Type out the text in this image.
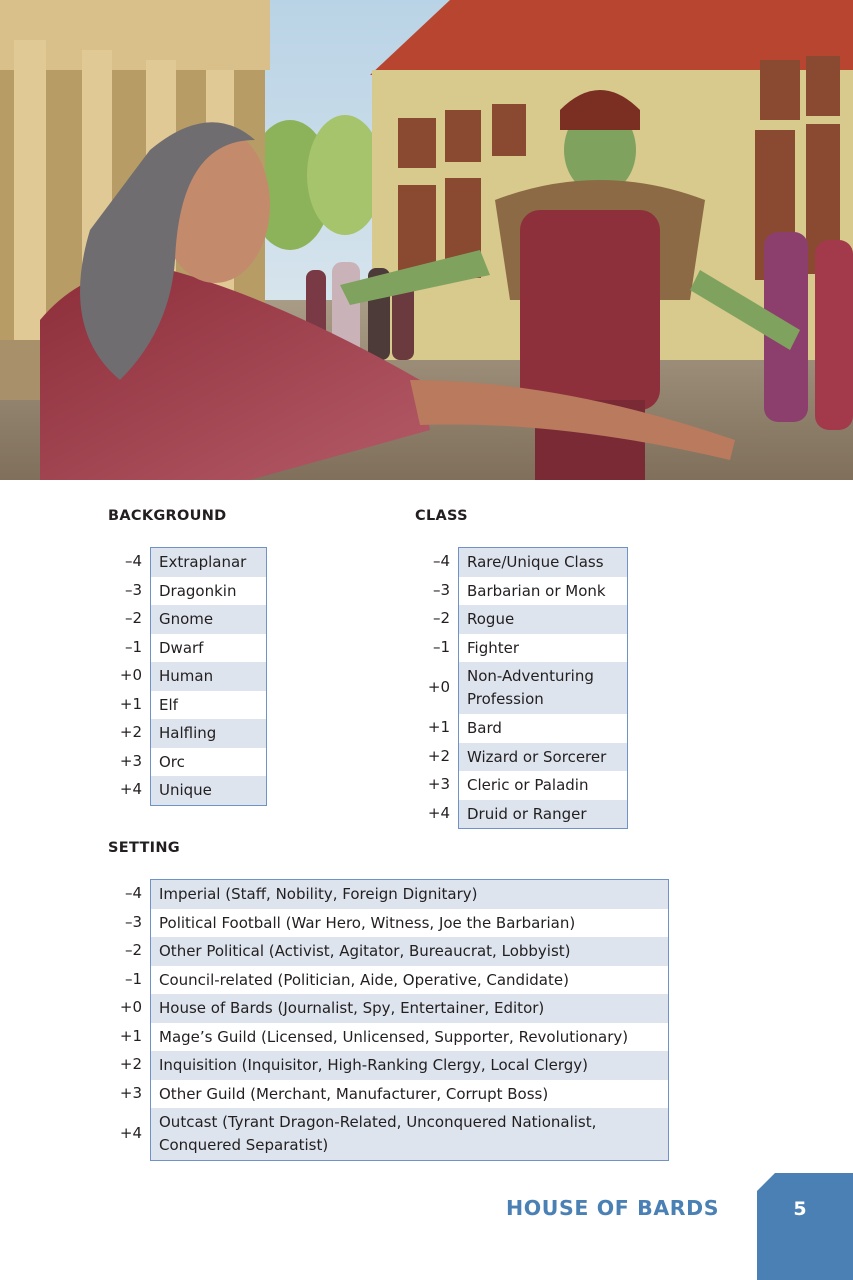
BACKGROUND
–4
–3
–2
–1
+0
+1
+2
+3
+4
Extraplanar
Dragonkin
Gnome
Dwarf
Human
Elf
Halfling
Orc
Unique
CLASS
–4
–3
–2
–1
+0
+1
+2
+3
+4
Rare/Unique Class
Barbarian or Monk
Rogue
Fighter
Non-Adventuring Profession
Bard
Wizard or Sorcerer
Cleric or Paladin
Druid or Ranger
SETTING
–4
–3
–2
–1
+0
+1
+2
+3
+4
Imperial (Staff, Nobility, Foreign Dignitary)
Political Football (War Hero, Witness, Joe the Barbarian)
Other Political (Activist, Agitator, Bureaucrat, Lobbyist)
Council-related (Politician, Aide, Operative, Candidate)
House of Bards (Journalist, Spy, Entertainer, Editor)
Mage’s Guild (Licensed, Unlicensed, Supporter, Revolutionary)
Inquisition (Inquisitor, High-Ranking Clergy, Local Clergy)
Other Guild (Merchant, Manufacturer, Corrupt Boss)
Outcast (Tyrant Dragon-Related, Unconquered Nationalist, Conquered Separatist)
HOUSE OF BARDS	5
